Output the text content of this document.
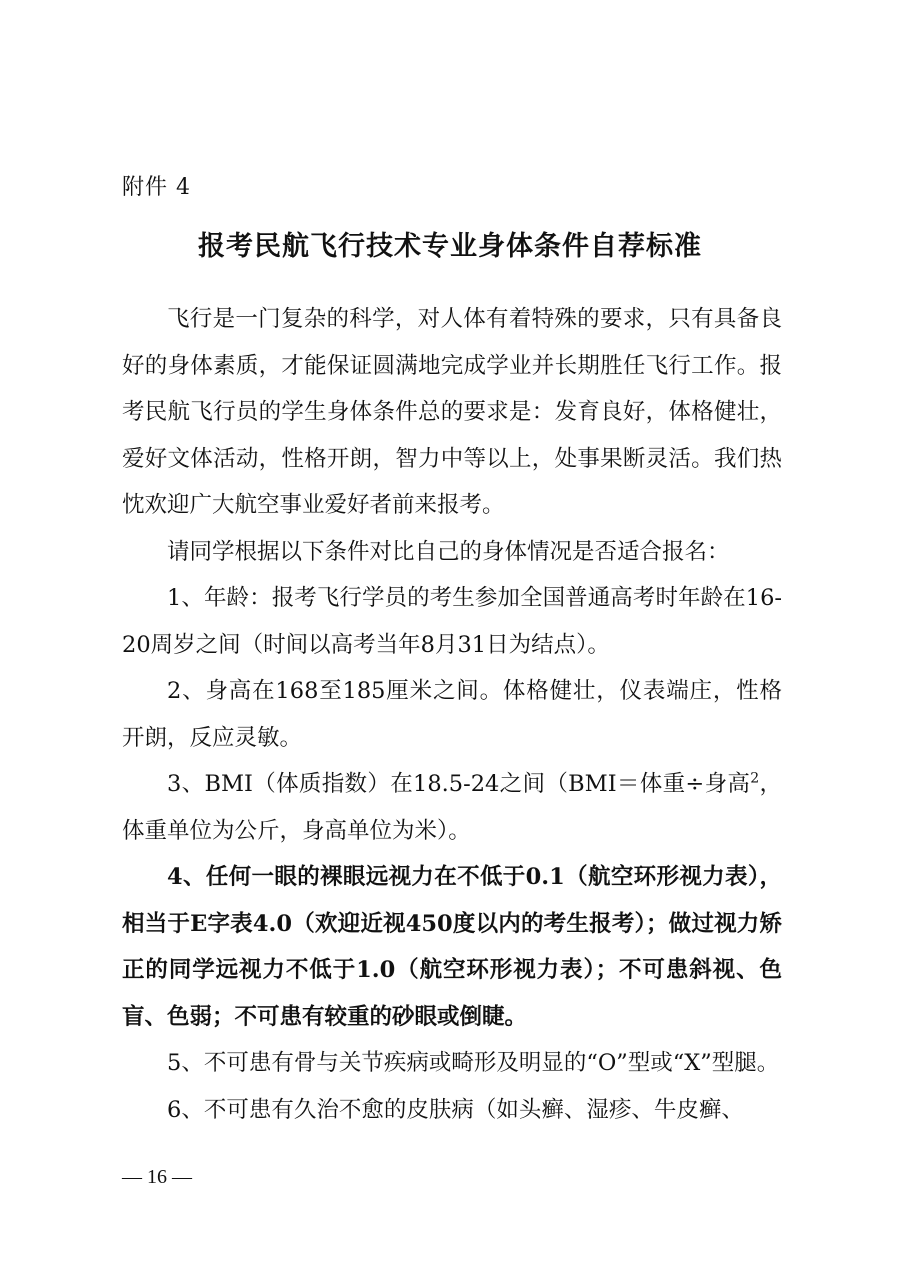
附件 4
报考民航飞行技术专业身体条件自荐标准

飞行是一门复杂的科学，对人体有着特殊的要求，只有具备良好的身体素质，才能保证圆满地完成学业并长期胜任飞行工作。报考民航飞行员的学生身体条件总的要求是：发育良好，体格健壮，爱好文体活动，性格开朗，智力中等以上，处事果断灵活。我们热忱欢迎广大航空事业爱好者前来报考。

请同学根据以下条件对比自己的身体情况是否适合报名：

1、年龄：报考飞行学员的考生参加全国普通高考时年龄在16-20周岁之间（时间以高考当年8月31日为结点）。

2、身高在168至185厘米之间。体格健壮，仪表端庄，性格开朗，反应灵敏。

3、BMI（体质指数）在18.5-24之间（BMI＝体重÷身高$^2$，体重单位为公斤，身高单位为米）。

4、任何一眼的裸眼远视力在不低于0.1（航空环形视力表），相当于E字表4.0（欢迎近视450度以内的考生报考）；做过视力矫正的同学远视力不低于1.0（航空环形视力表）；不可患斜视、色盲、色弱；不可患有较重的砂眼或倒睫。

5、不可患有骨与关节疾病或畸形及明显的“O”型或“X”型腿。

6、不可患有久治不愈的皮肤病（如头癣、湿疹、牛皮癣、

— 16 —
